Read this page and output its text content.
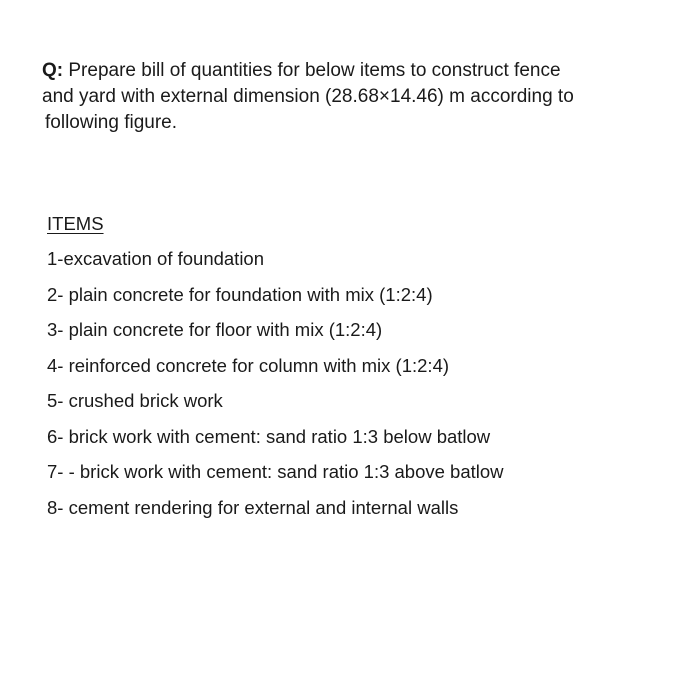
Q: Prepare bill of quantities for below items to construct fence
and yard with external dimension (28.68×14.46) m according to
following figure.
ITEMS
1-excavation of foundation
2- plain concrete for foundation with mix (1:2:4)
3- plain concrete for floor with mix (1:2:4)
4- reinforced concrete for column with mix (1:2:4)
5- crushed brick work
6- brick work with cement: sand ratio 1:3 below batlow
7- - brick work with cement: sand ratio 1:3 above batlow
8- cement rendering for external and internal walls
